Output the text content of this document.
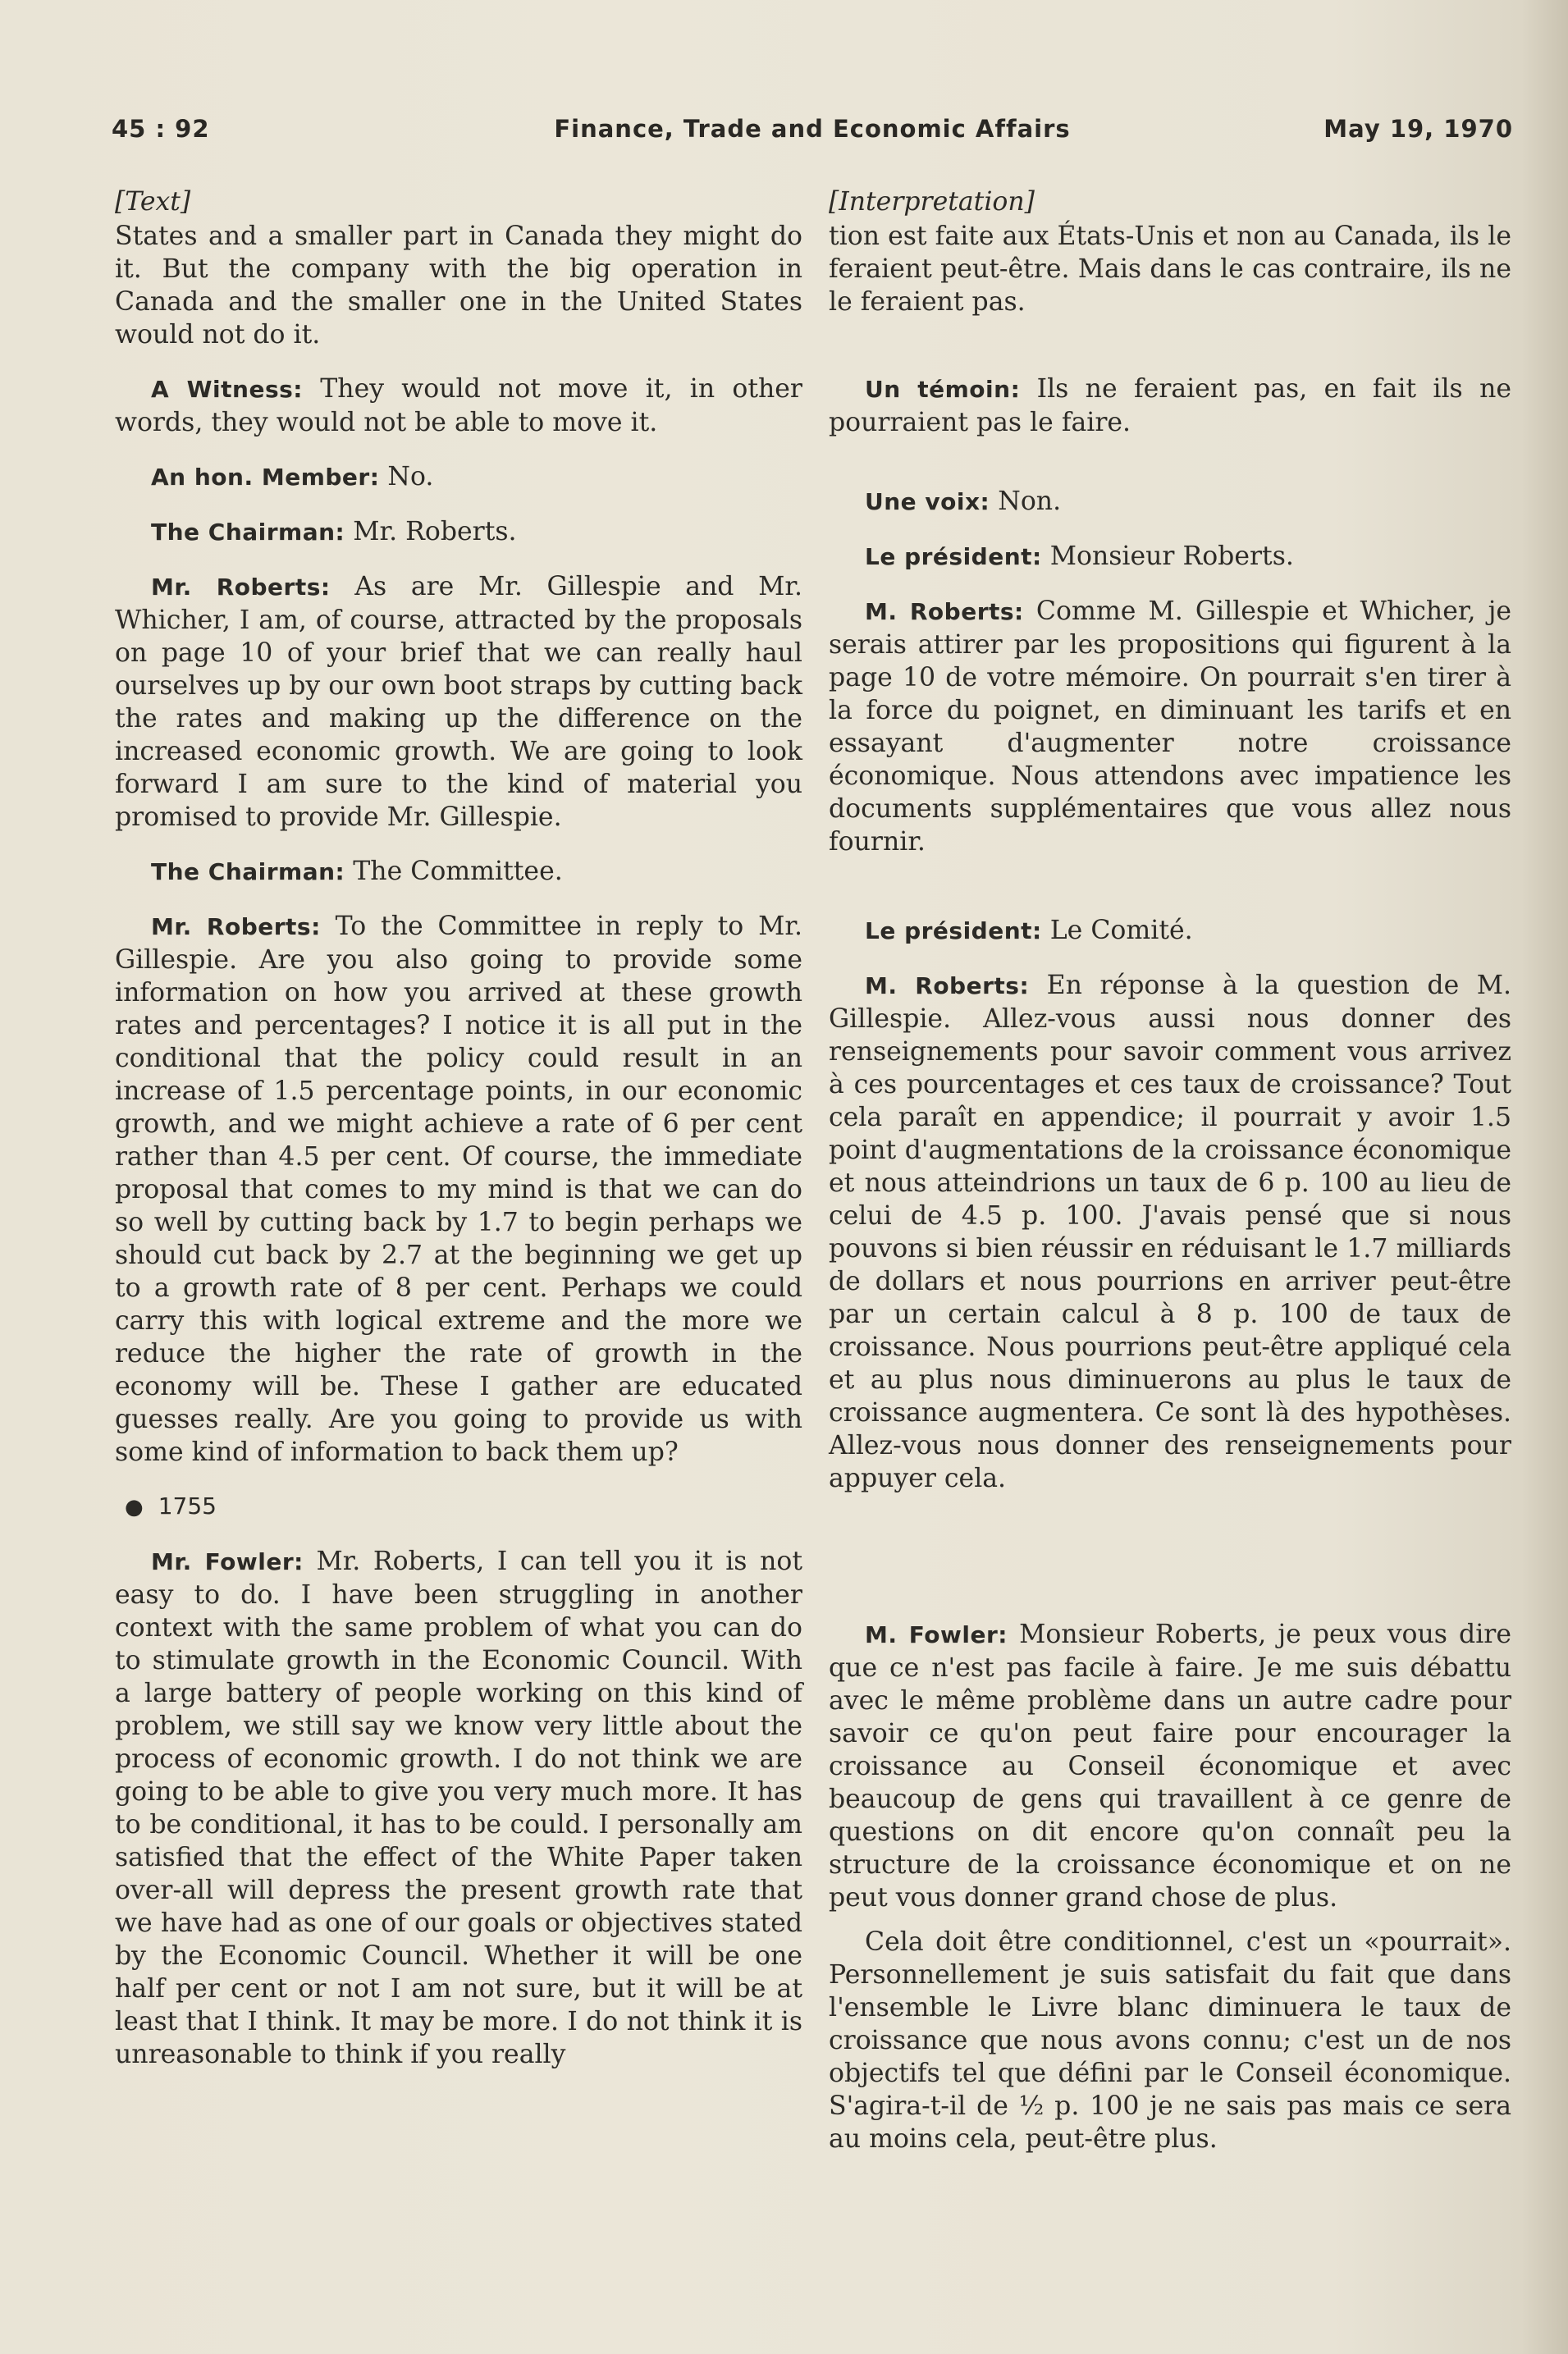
45 : 92	Finance, Trade and Economic Affairs	May 19, 1970

[Text]

States and a smaller part in Canada they might do it. But the company with the big operation in Canada and the smaller one in the United States would not do it.

A Witness: They would not move it, in other words, they would not be able to move it.

An hon. Member: No.

The Chairman: Mr. Roberts.

Mr. Roberts: As are Mr. Gillespie and Mr. Whicher, I am, of course, attracted by the proposals on page 10 of your brief that we can really haul ourselves up by our own boot straps by cutting back the rates and making up the difference on the increased economic growth. We are going to look forward I am sure to the kind of material you promised to provide Mr. Gillespie.

The Chairman: The Committee.

Mr. Roberts: To the Committee in reply to Mr. Gillespie. Are you also going to provide some information on how you arrived at these growth rates and percentages? I notice it is all put in the conditional that the policy could result in an increase of 1.5 percentage points, in our economic growth, and we might achieve a rate of 6 per cent rather than 4.5 per cent. Of course, the immediate proposal that comes to my mind is that we can do so well by cutting back by 1.7 to begin perhaps we should cut back by 2.7 at the beginning we get up to a growth rate of 8 per cent. Perhaps we could carry this with logical extreme and the more we reduce the higher the rate of growth in the economy will be. These I gather are educated guesses really. Are you going to provide us with some kind of information to back them up?

● 1755

Mr. Fowler: Mr. Roberts, I can tell you it is not easy to do. I have been struggling in another context with the same problem of what you can do to stimulate growth in the Economic Council. With a large battery of people working on this kind of problem, we still say we know very little about the process of economic growth. I do not think we are going to be able to give you very much more. It has to be conditional, it has to be could. I personally am satisfied that the effect of the White Paper taken over-all will depress the present growth rate that we have had as one of our goals or objectives stated by the Economic Council. Whether it will be one half per cent or not I am not sure, but it will be at least that I think. It may be more. I do not think it is unreasonable to think if you really

[Interpretation]

tion est faite aux États-Unis et non au Canada, ils le feraient peut-être. Mais dans le cas contraire, ils ne le feraient pas.

Un témoin: Ils ne feraient pas, en fait ils ne pourraient pas le faire.

Une voix: Non.

Le président: Monsieur Roberts.

M. Roberts: Comme M. Gillespie et Whicher, je serais attirer par les propositions qui figurent à la page 10 de votre mémoire. On pourrait s'en tirer à la force du poignet, en diminuant les tarifs et en essayant d'augmenter notre croissance économique. Nous attendons avec impatience les documents supplémentaires que vous allez nous fournir.

Le président: Le Comité.

M. Roberts: En réponse à la question de M. Gillespie. Allez-vous aussi nous donner des renseignements pour savoir comment vous arrivez à ces pourcentages et ces taux de croissance? Tout cela paraît en appendice; il pourrait y avoir 1.5 point d'augmentations de la croissance économique et nous atteindrions un taux de 6 p. 100 au lieu de celui de 4.5 p. 100. J'avais pensé que si nous pouvons si bien réussir en réduisant le 1.7 milliards de dollars et nous pourrions en arriver peut-être par un certain calcul à 8 p. 100 de taux de croissance. Nous pourrions peut-être appliqué cela et au plus nous diminuerons au plus le taux de croissance augmentera. Ce sont là des hypothèses. Allez-vous nous donner des renseignements pour appuyer cela.

M. Fowler: Monsieur Roberts, je peux vous dire que ce n'est pas facile à faire. Je me suis débattu avec le même problème dans un autre cadre pour savoir ce qu'on peut faire pour encourager la croissance au Conseil économique et avec beaucoup de gens qui travaillent à ce genre de questions on dit encore qu'on connaît peu la structure de la croissance économique et on ne peut vous donner grand chose de plus.

Cela doit être conditionnel, c'est un «pourrait». Personnellement je suis satisfait du fait que dans l'ensemble le Livre blanc diminuera le taux de croissance que nous avons connu; c'est un de nos objectifs tel que défini par le Conseil économique. S'agira-t-il de ½ p. 100 je ne sais pas mais ce sera au moins cela, peut-être plus.
